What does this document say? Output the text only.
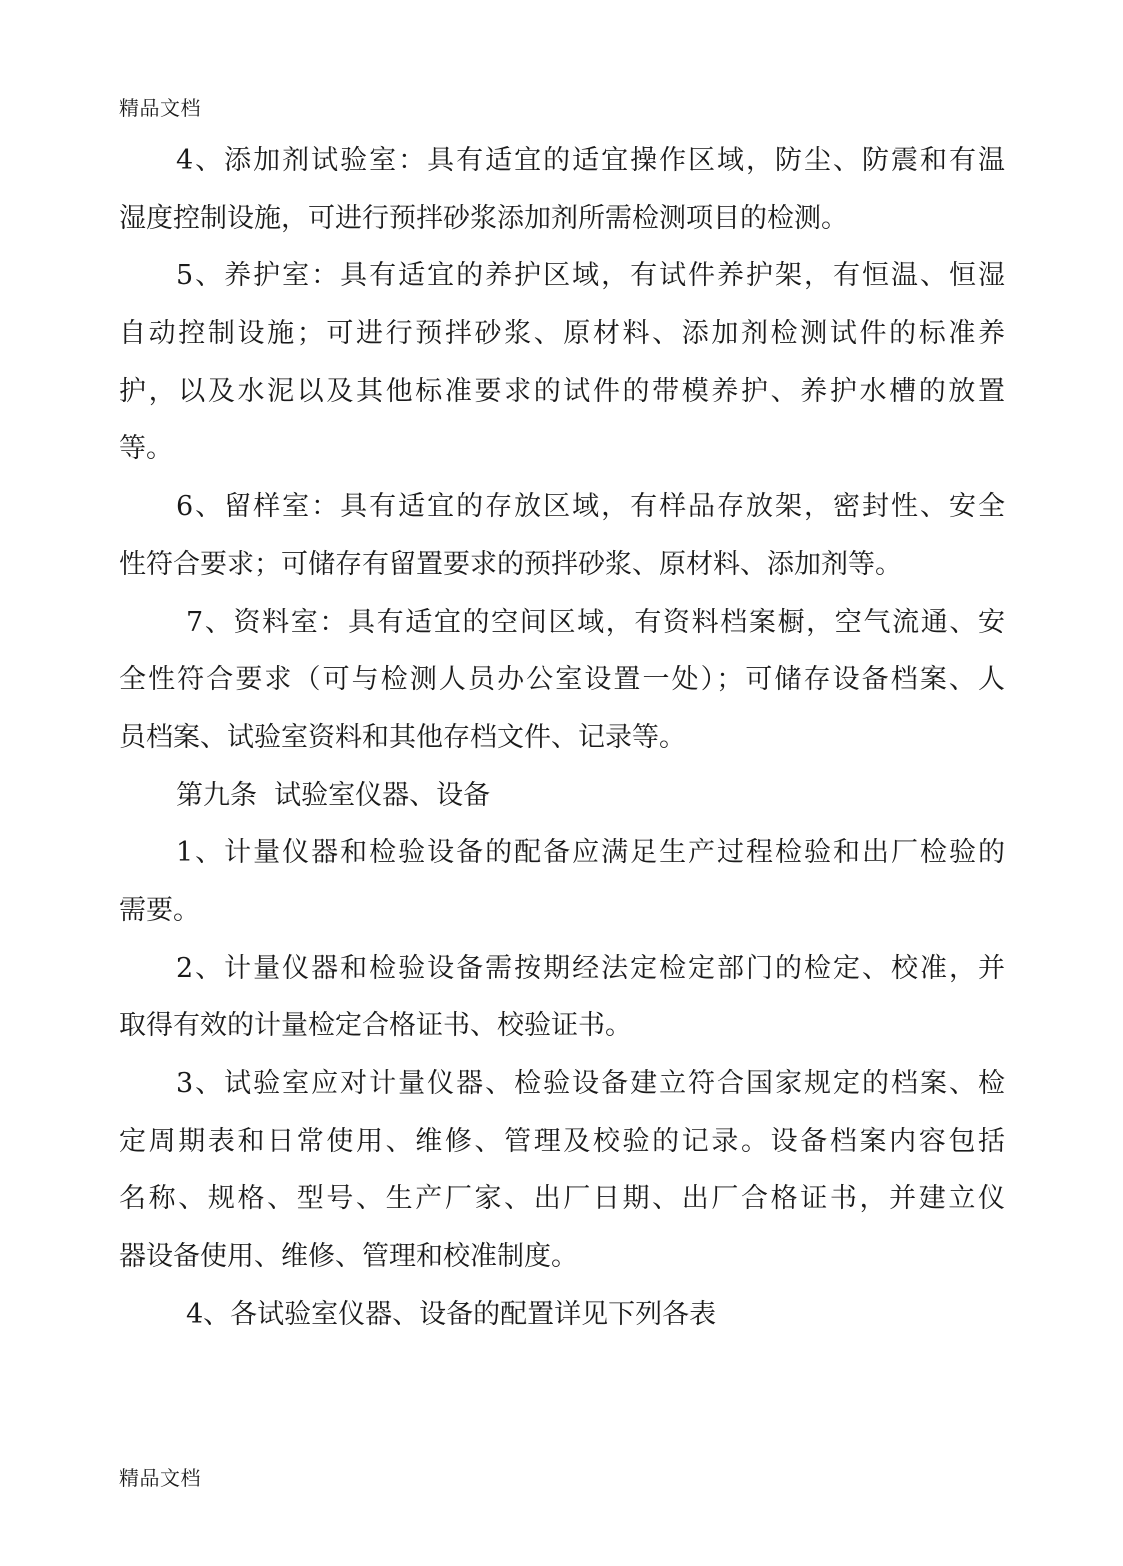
精品文档
4、添加剂试验室：具有适宜的适宜操作区域，防尘、防震和有温
湿度控制设施，可进行预拌砂浆添加剂所需检测项目的检测。
5、养护室：具有适宜的养护区域，有试件养护架，有恒温、恒湿
自动控制设施；可进行预拌砂浆、原材料、添加剂检测试件的标准养
护，以及水泥以及其他标准要求的试件的带模养护、养护水槽的放置
等。
6、留样室：具有适宜的存放区域，有样品存放架，密封性、安全
性符合要求；可储存有留置要求的预拌砂浆、原材料、添加剂等。
7、资料室：具有适宜的空间区域，有资料档案橱，空气流通、安
全性符合要求（可与检测人员办公室设置一处）；可储存设备档案、人
员档案、试验室资料和其他存档文件、记录等。
第九条  试验室仪器、设备
1、计量仪器和检验设备的配备应满足生产过程检验和出厂检验的
需要。
2、计量仪器和检验设备需按期经法定检定部门的检定、校准，并
取得有效的计量检定合格证书、校验证书。
3、试验室应对计量仪器、检验设备建立符合国家规定的档案、检
定周期表和日常使用、维修、管理及校验的记录。设备档案内容包括
名称、规格、型号、生产厂家、出厂日期、出厂合格证书，并建立仪
器设备使用、维修、管理和校准制度。
4、各试验室仪器、设备的配置详见下列各表
精品文档
